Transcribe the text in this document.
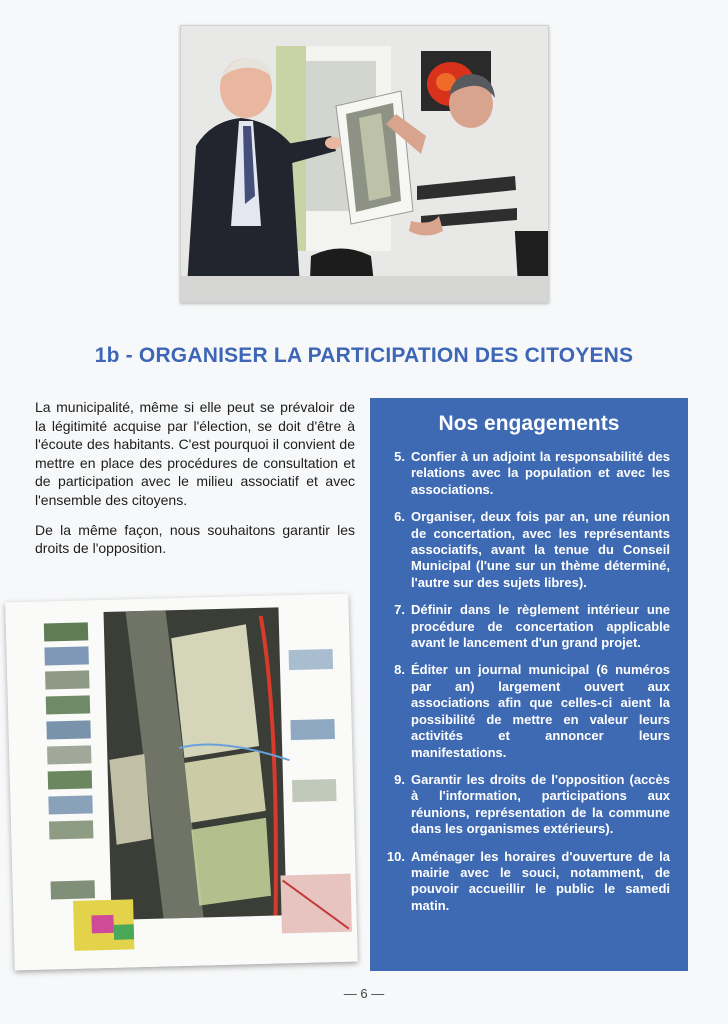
1b - ORGANISER LA PARTICIPATION DES CITOYENS

La municipalité, même si elle peut se prévaloir de la légitimité acquise par l'élection, se doit d'être à l'écoute des habitants. C'est pourquoi il convient de mettre en place des procédures de consultation et de participation avec le milieu associatif et avec l'ensemble des citoyens.

De la même façon, nous souhaitons garantir les droits de l'opposition.

Nos engagements
5. Confier à un adjoint la responsabilité des relations avec la population et avec les associations.
6. Organiser, deux fois par an, une réunion de concertation, avec les représentants associatifs, avant la tenue du Conseil Municipal (l'une sur un thème déterminé, l'autre sur des sujets libres).
7. Définir dans le règlement intérieur une procédure de concertation applicable avant le lancement d'un grand projet.
8. Éditer un journal municipal (6 numéros par an) largement ouvert aux associations afin que celles-ci aient la possibilité de mettre en valeur leurs activités et annoncer leurs manifestations.
9. Garantir les droits de l'opposition (accès à l'information, participations aux réunions, représentation de la commune dans les organismes extérieurs).
10. Aménager les horaires d'ouverture de la mairie avec le souci, notamment, de pouvoir accueillir le public le samedi matin.
— 6 —
